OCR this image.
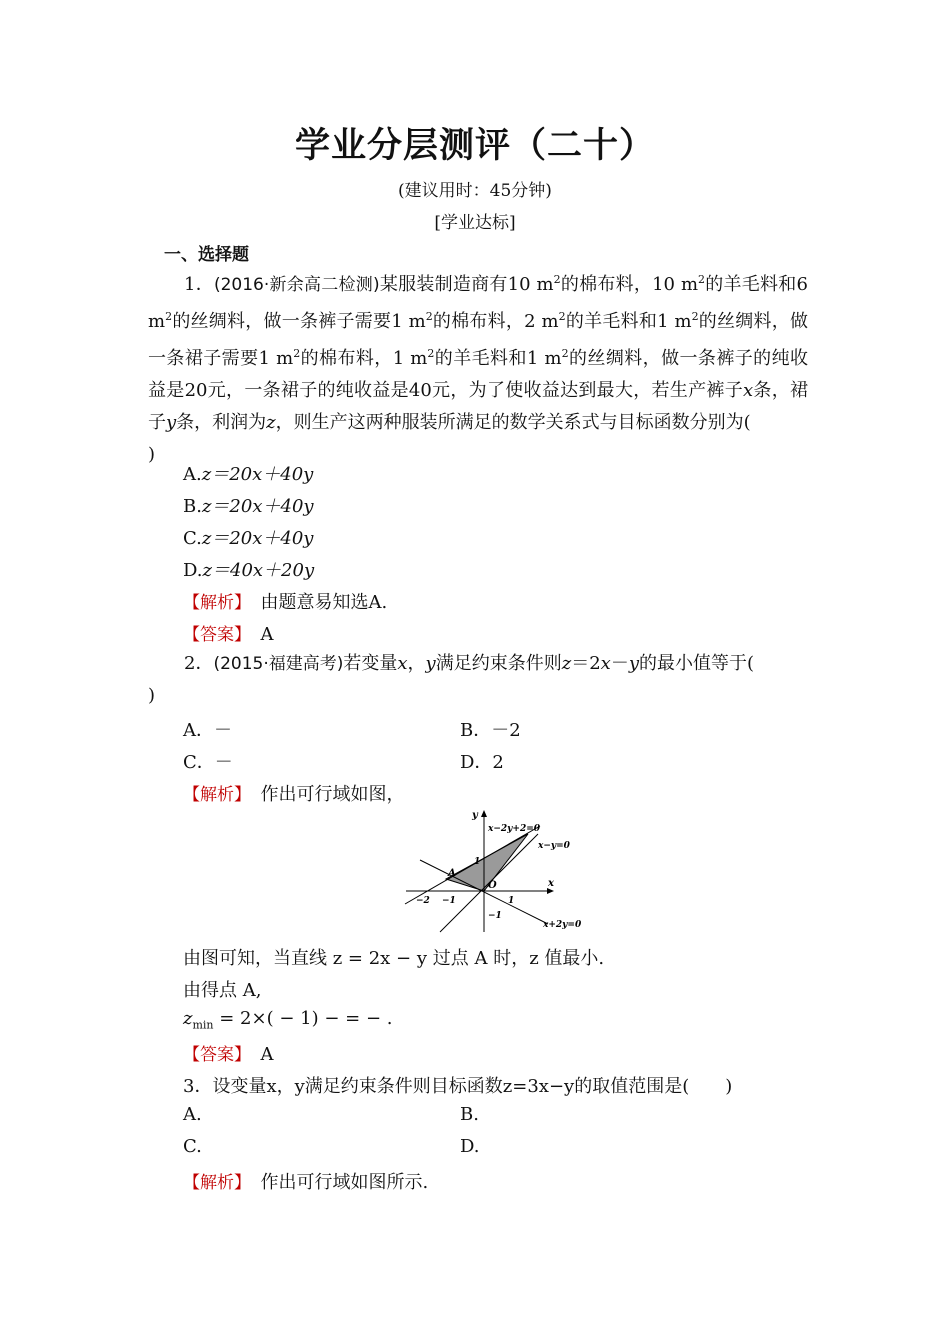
学业分层测评（二十）
(建议用时：45分钟)
[学业达标]
一、选择题
1．(2016·新余高二检测)某服装制造商有10 $m^2$的棉布料，10 $m^2$的羊毛料和6 $m^2$的丝绸料，做一条裤子需要1 $m^2$的棉布料，2 $m^2$的羊毛料和1 $m^2$的丝绸料，做一条裙子需要1 $m^2$的棉布料，1 $m^2$的羊毛料和1 $m^2$的丝绸料，做一条裤子的纯收益是20元，一条裙子的纯收益是40元，为了使收益达到最大，若生产裤子x条，裙子y条，利润为z，则生产这两种服装所满足的数学关系式与目标函数分别为(
)
A.z＝20x＋40y
B.z＝20x＋40y
C.z＝20x＋40y
D.z＝40x＋20y
【解析】　 由题意易知选A.
【答案】　 A
2．(2015·福建高考)若变量x，y满足约束条件则z＝2x－y的最小值等于(
)
A．－	B．－2
C．－	D．2
【解析】　 作出可行域如图，
y
x
O
A
x−2y+2=0
x−y=0
x+2y=0
−2 −1	1
1
−1
由图可知，当直线 z = 2x − y 过点 A 时，z 值最小.
由得点 A,
$z_{min} = 2\times( - 1)$ − = − .
【答案】　 A
3．设变量x，y满足约束条件则目标函数z=3x−y的取值范围是(　　)
A.	B.
C.	D.
【解析】　 作出可行域如图所示.
